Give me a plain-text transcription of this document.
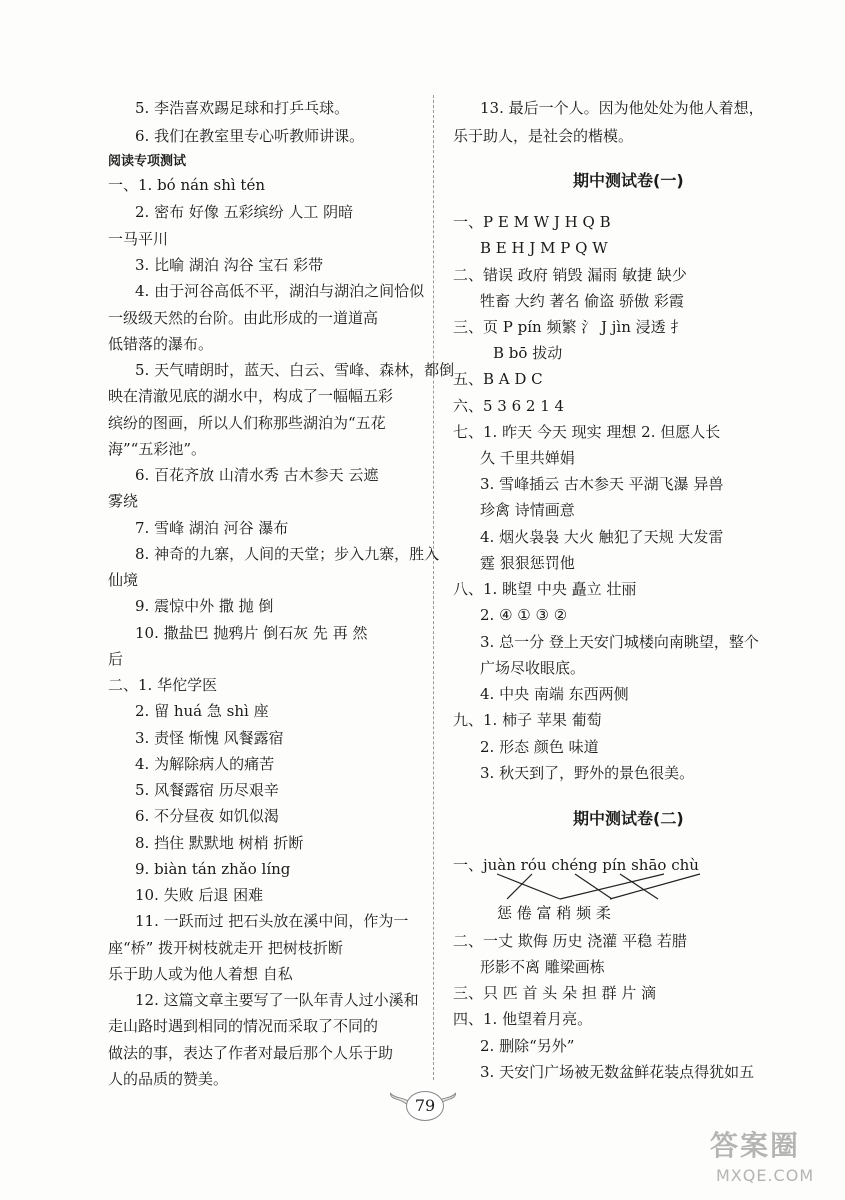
5. 李浩喜欢踢足球和打乒乓球。
6. 我们在教室里专心听教师讲课。
阅读专项测试
一、1. bó nán shì tén
2. 密布 好像 五彩缤纷 人工 阴暗
一马平川
3. 比喻 湖泊 沟谷 宝石 彩带
4. 由于河谷高低不平，湖泊与湖泊之间恰似
一级级天然的台阶。由此形成的一道道高
低错落的瀑布。
5. 天气晴朗时，蓝天、白云、雪峰、森林，都倒
映在清澈见底的湖水中，构成了一幅幅五彩
缤纷的图画，所以人们称那些湖泊为“五花
海”“五彩池”。
6. 百花齐放 山清水秀 古木参天 云遮
雾绕
7. 雪峰 湖泊 河谷 瀑布
8. 神奇的九寨，人间的天堂；步入九寨，胜入
仙境
9. 震惊中外 撒 抛 倒
10. 撒盐巴 抛鸦片 倒石灰 先 再 然
后
二、1. 华佗学医
2. 留 huá 急 shì 座
3. 责怪 惭愧 风餐露宿
4. 为解除病人的痛苦
5. 风餐露宿 历尽艰辛
6. 不分昼夜 如饥似渴
8. 挡住 默默地 树梢 折断
9. biàn tán zhǎo líng
10. 失败 后退 困难
11. 一跃而过 把石头放在溪中间，作为一
座“桥” 拨开树枝就走开 把树枝折断
乐于助人或为他人着想 自私
12. 这篇文章主要写了一队年青人过小溪和
走山路时遇到相同的情况而采取了不同的
做法的事，表达了作者对最后那个人乐于助
人的品质的赞美。
13. 最后一个人。因为他处处为他人着想，
乐于助人，是社会的楷模。
期中测试卷(一)
一、P E M W J H Q B
B E H J M P Q W
二、错误 政府 销毁 漏雨 敏捷 缺少
牲畜 大约 著名 偷盗 骄傲 彩霞
三、页 P pín 频繁 氵 J jìn 浸透 扌
B bō 拔动
五、B A D C
六、5 3 6 2 1 4
七、1. 昨天 今天 现实 理想 2. 但愿人长
久 千里共婵娟
3. 雪峰插云 古木参天 平湖飞瀑 异兽
珍禽 诗情画意
4. 烟火袅袅 大火 触犯了天规 大发雷
霆 狠狠惩罚他
八、1. 眺望 中央 矗立 壮丽
2. ④ ① ③ ②
3. 总一分 登上天安门城楼向南眺望，整个
广场尽收眼底。
4. 中央 南端 东西两侧
九、1. 柿子 苹果 葡萄
2. 形态 颜色 味道
3. 秋天到了，野外的景色很美。
期中测试卷(二)
一、juàn róu chéng pín shāo chù
惩 倦 富 稍 频 柔
二、一丈 欺侮 历史 浇灌 平稳 若腊
形影不离 雕梁画栋
三、只 匹 首 头 朵 担 群 片 滴
四、1. 他望着月亮。
2. 删除“另外”
3. 天安门广场被无数盆鲜花装点得犹如五
79
答案圈
MXQE.COM
